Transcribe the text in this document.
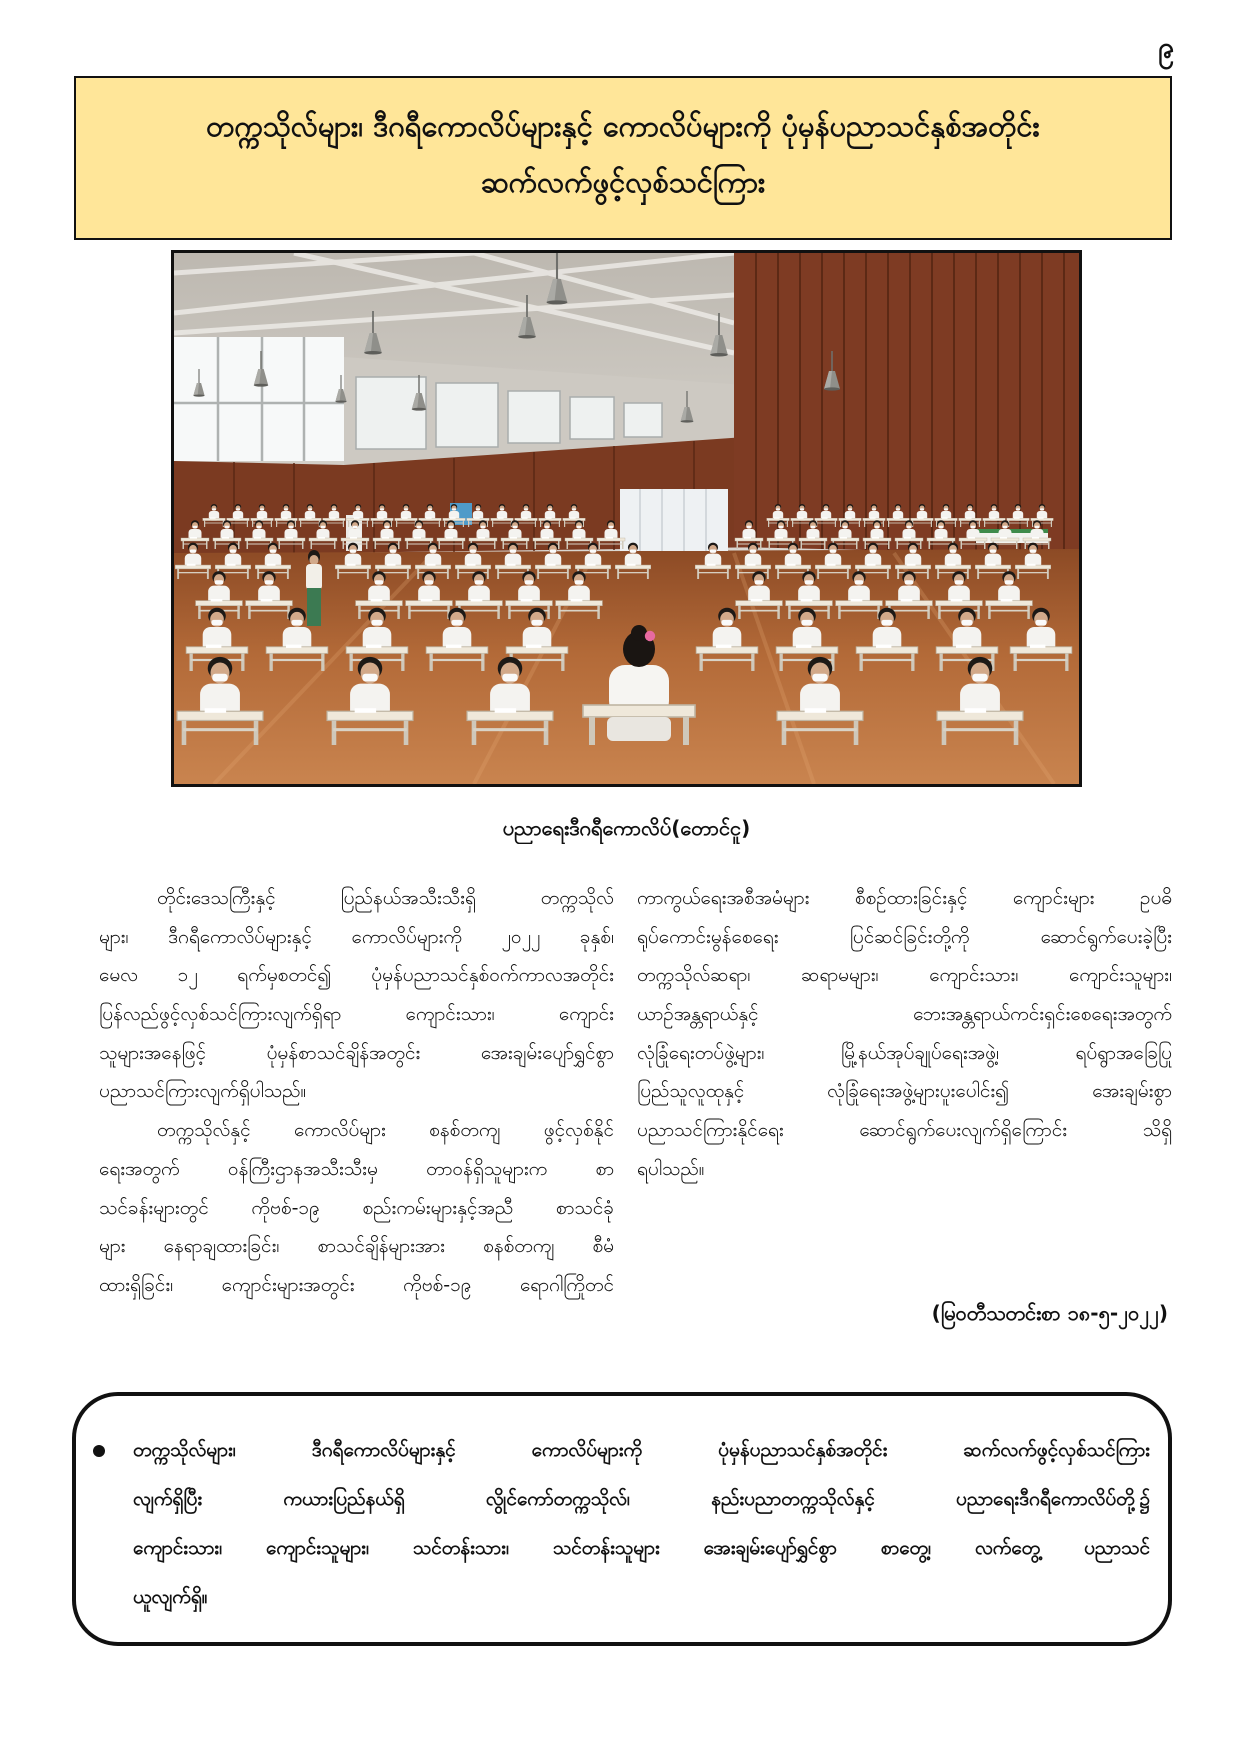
၉
တက္ကသိုလ်များ၊ ဒီဂရီကောလိပ်များနှင့် ကောလိပ်များကို ပုံမှန်ပညာသင်နှစ်အတိုင်း
ဆက်လက်ဖွင့်လှစ်သင်ကြား
ပညာရေးဒီဂရီကောလိပ်(တောင်ငူ)
တိုင်းဒေသကြီးနှင့် ပြည်နယ်အသီးသီးရှိ တက္ကသိုလ်
များ၊ ဒီဂရီကောလိပ်များနှင့် ကောလိပ်များကို ၂၀၂၂ ခုနှစ်၊
မေလ ၁၂ ရက်မှစတင်၍ ပုံမှန်ပညာသင်နှစ်ဝက်ကာလအတိုင်း
ပြန်လည်ဖွင့်လှစ်သင်ကြားလျက်ရှိရာ ကျောင်းသား၊ ကျောင်း
သူများအနေဖြင့် ပုံမှန်စာသင်ချိန်အတွင်း အေးချမ်းပျော်ရွှင်စွာ
ပညာသင်ကြားလျက်ရှိပါသည်။
တက္ကသိုလ်နှင့် ကောလိပ်များ စနစ်တကျ ဖွင့်လှစ်နိုင်
ရေးအတွက် ဝန်ကြီးဌာနအသီးသီးမှ တာဝန်ရှိသူများက စာ
သင်ခန်းများတွင် ကိုဗစ်-၁၉ စည်းကမ်းများနှင့်အညီ စာသင်ခုံ
များ နေရာချထားခြင်း၊ စာသင်ချိန်များအား စနစ်တကျ စီမံ
ထားရှိခြင်း၊ ကျောင်းများအတွင်း ကိုဗစ်-၁၉ ရောဂါကြိုတင်
ကာကွယ်ရေးအစီအမံများ စီစဉ်ထားခြင်းနှင့် ကျောင်းများ ဥပဓိ
ရုပ်ကောင်းမွန်စေရေး ပြင်ဆင်ခြင်းတို့ကို ဆောင်ရွက်ပေးခဲ့ပြီး
တက္ကသိုလ်ဆရာ၊ ဆရာမများ၊ ကျောင်းသား၊ ကျောင်းသူများ၊
ယာဉ်အန္တရာယ်နှင့် ဘေးအန္တရာယ်ကင်းရှင်းစေရေးအတွက်
လုံခြုံရေးတပ်ဖွဲ့များ၊ မြို့နယ်အုပ်ချုပ်ရေးအဖွဲ့၊ ရပ်ရွာအခြေပြု
ပြည်သူလူထုနှင့် လုံခြုံရေးအဖွဲ့များပူးပေါင်း၍ အေးချမ်းစွာ
ပညာသင်ကြားနိုင်ရေး ဆောင်ရွက်ပေးလျက်ရှိကြောင်း သိရှိ
ရပါသည်။
(မြဝတီသတင်းစာ ၁၈-၅-၂၀၂၂)
တက္ကသိုလ်များ၊ ဒီဂရီကောလိပ်များနှင့် ကောလိပ်များကို ပုံမှန်ပညာသင်နှစ်အတိုင်း ဆက်လက်ဖွင့်လှစ်သင်ကြား
လျက်ရှိပြီး ကယားပြည်နယ်ရှိ လွိုင်ကော်တက္ကသိုလ်၊ နည်းပညာတက္ကသိုလ်နှင့် ပညာရေးဒီဂရီကောလိပ်တို့၌
ကျောင်းသား၊ ကျောင်းသူများ၊ သင်တန်းသား၊ သင်တန်းသူများ အေးချမ်းပျော်ရွှင်စွာ စာတွေ့၊ လက်တွေ့ ပညာသင်
ယူလျက်ရှိ။
